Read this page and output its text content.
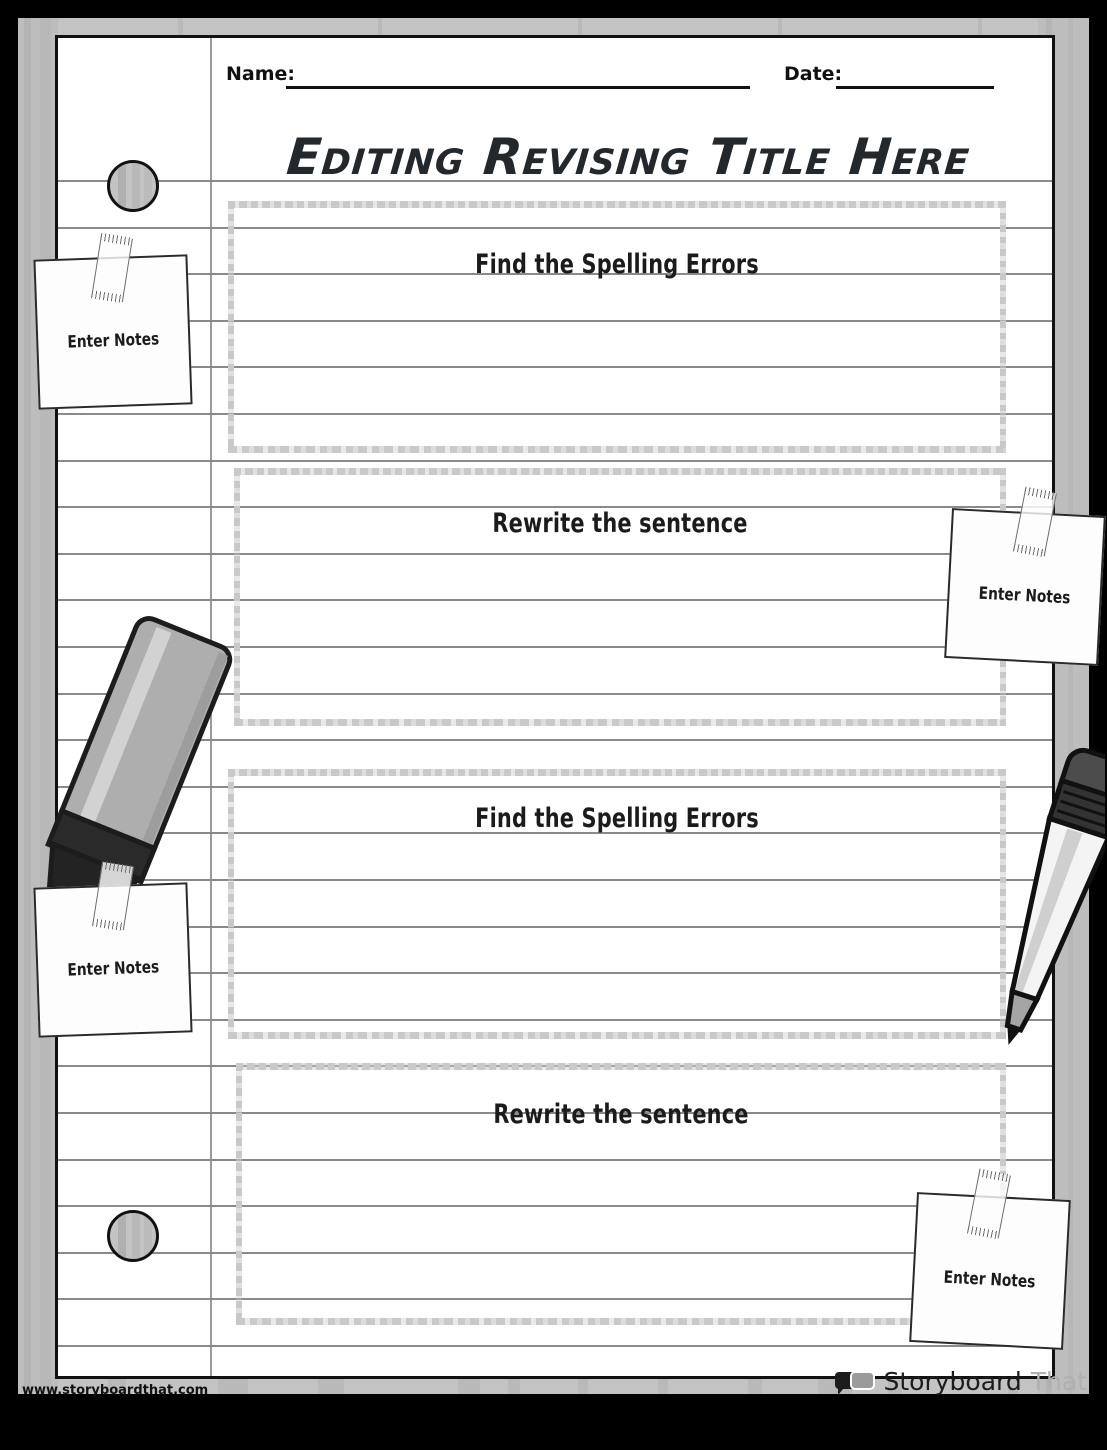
Name:	Date:
Editing Revising Title Here
Find the Spelling Errors
Rewrite the sentence
Find the Spelling Errors
Rewrite the sentence
Enter Notes
Enter Notes
Enter Notes
Enter Notes
www.storyboardthat.com	Storyboard That
